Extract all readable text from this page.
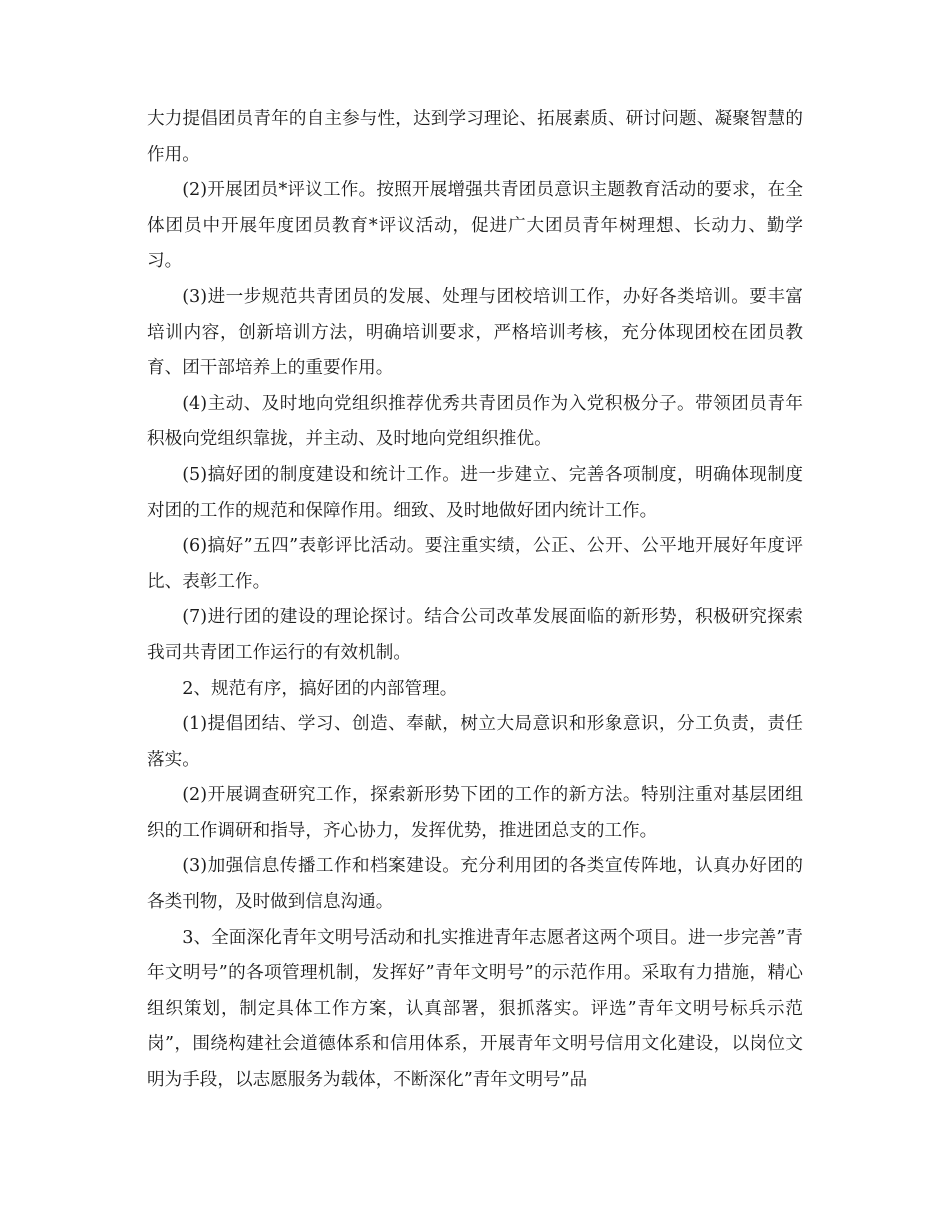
大力提倡团员青年的自主参与性，达到学习理论、拓展素质、研讨问题、凝聚智慧的作用。

(2)开展团员*评议工作。按照开展增强共青团员意识主题教育活动的要求，在全体团员中开展年度团员教育*评议活动，促进广大团员青年树理想、长动力、勤学习。

(3)进一步规范共青团员的发展、处理与团校培训工作，办好各类培训。要丰富培训内容，创新培训方法，明确培训要求，严格培训考核，充分体现团校在团员教育、团干部培养上的重要作用。

(4)主动、及时地向党组织推荐优秀共青团员作为入党积极分子。带领团员青年积极向党组织靠拢，并主动、及时地向党组织推优。

(5)搞好团的制度建设和统计工作。进一步建立、完善各项制度，明确体现制度对团的工作的规范和保障作用。细致、及时地做好团内统计工作。

(6)搞好”五四”表彰评比活动。要注重实绩，公正、公开、公平地开展好年度评比、表彰工作。

(7)进行团的建设的理论探讨。结合公司改革发展面临的新形势，积极研究探索我司共青团工作运行的有效机制。

2、规范有序，搞好团的内部管理。

(1)提倡团结、学习、创造、奉献，树立大局意识和形象意识，分工负责，责任落实。

(2)开展调查研究工作，探索新形势下团的工作的新方法。特别注重对基层团组织的工作调研和指导，齐心协力，发挥优势，推进团总支的工作。

(3)加强信息传播工作和档案建设。充分利用团的各类宣传阵地，认真办好团的各类刊物，及时做到信息沟通。

3、全面深化青年文明号活动和扎实推进青年志愿者这两个项目。进一步完善”青年文明号”的各项管理机制，发挥好”青年文明号”的示范作用。采取有力措施，精心组织策划，制定具体工作方案，认真部署，狠抓落实。评选”青年文明号标兵示范岗”，围绕构建社会道德体系和信用体系，开展青年文明号信用文化建设，以岗位文明为手段，以志愿服务为载体，不断深化”青年文明号”品
